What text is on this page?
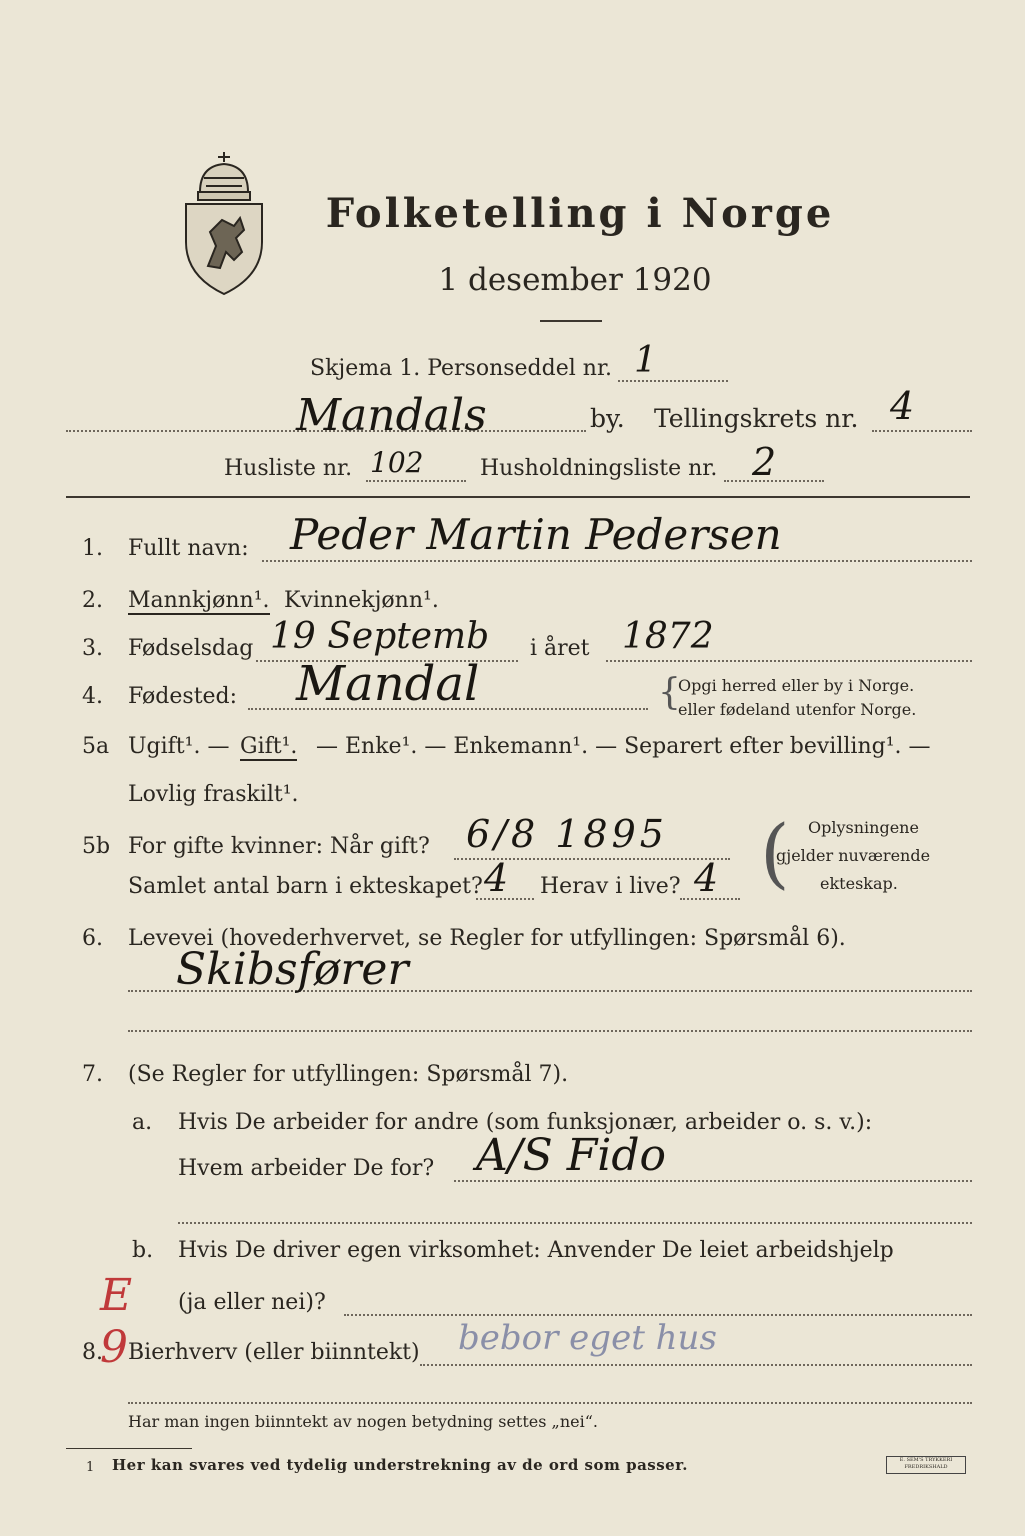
Folketelling i Norge
1 desember 1920
Skjema 1. Personseddel nr. 1
Mandals	by. Tellingskrets nr. 4
Husliste nr. 102	Husholdningsliste nr. 2
1. Fullt navn: Peder Martin Pedersen
2. Mannkjønn¹. Kvinnekjønn¹.
3. Fødselsdag 19 Septemb i året 1872
4. Fødested: Mandal	{
Opgi herred eller by i Norge.
eller fødeland utenfor Norge.
5a Ugift¹. — Gift¹. — Enke¹. — Enkemann¹. — Separert efter bevilling¹. —
Lovlig fraskilt¹.
5b For gifte kvinner: Når gift? 6/8 1895
Samlet antal barn i ekteskapet? 4 Herav i live? 4 ( Oplysningene
gjelder nuværende
ekteskap.
6. Levevei (hovederhvervet, se Regler for utfyllingen: Spørsmål 6).
Skibsfører
7. (Se Regler for utfyllingen: Spørsmål 7).
a. Hvis De arbeider for andre (som funksjonær, arbeider o. s. v.):
Hvem arbeider De for? A/S Fido
b. Hvis De driver egen virksomhet: Anvender De leiet arbeidshjelp
(ja eller nei)?
8. Bierhverv (eller biinntekt) bebor eget hus
Har man ingen biinntekt av nogen betydning settes „nei“.
E
9
1 Her kan svares ved tydelig understrekning av de ord som passer.	E. SEM'S TRYKKERI FREDRIKSHALD
